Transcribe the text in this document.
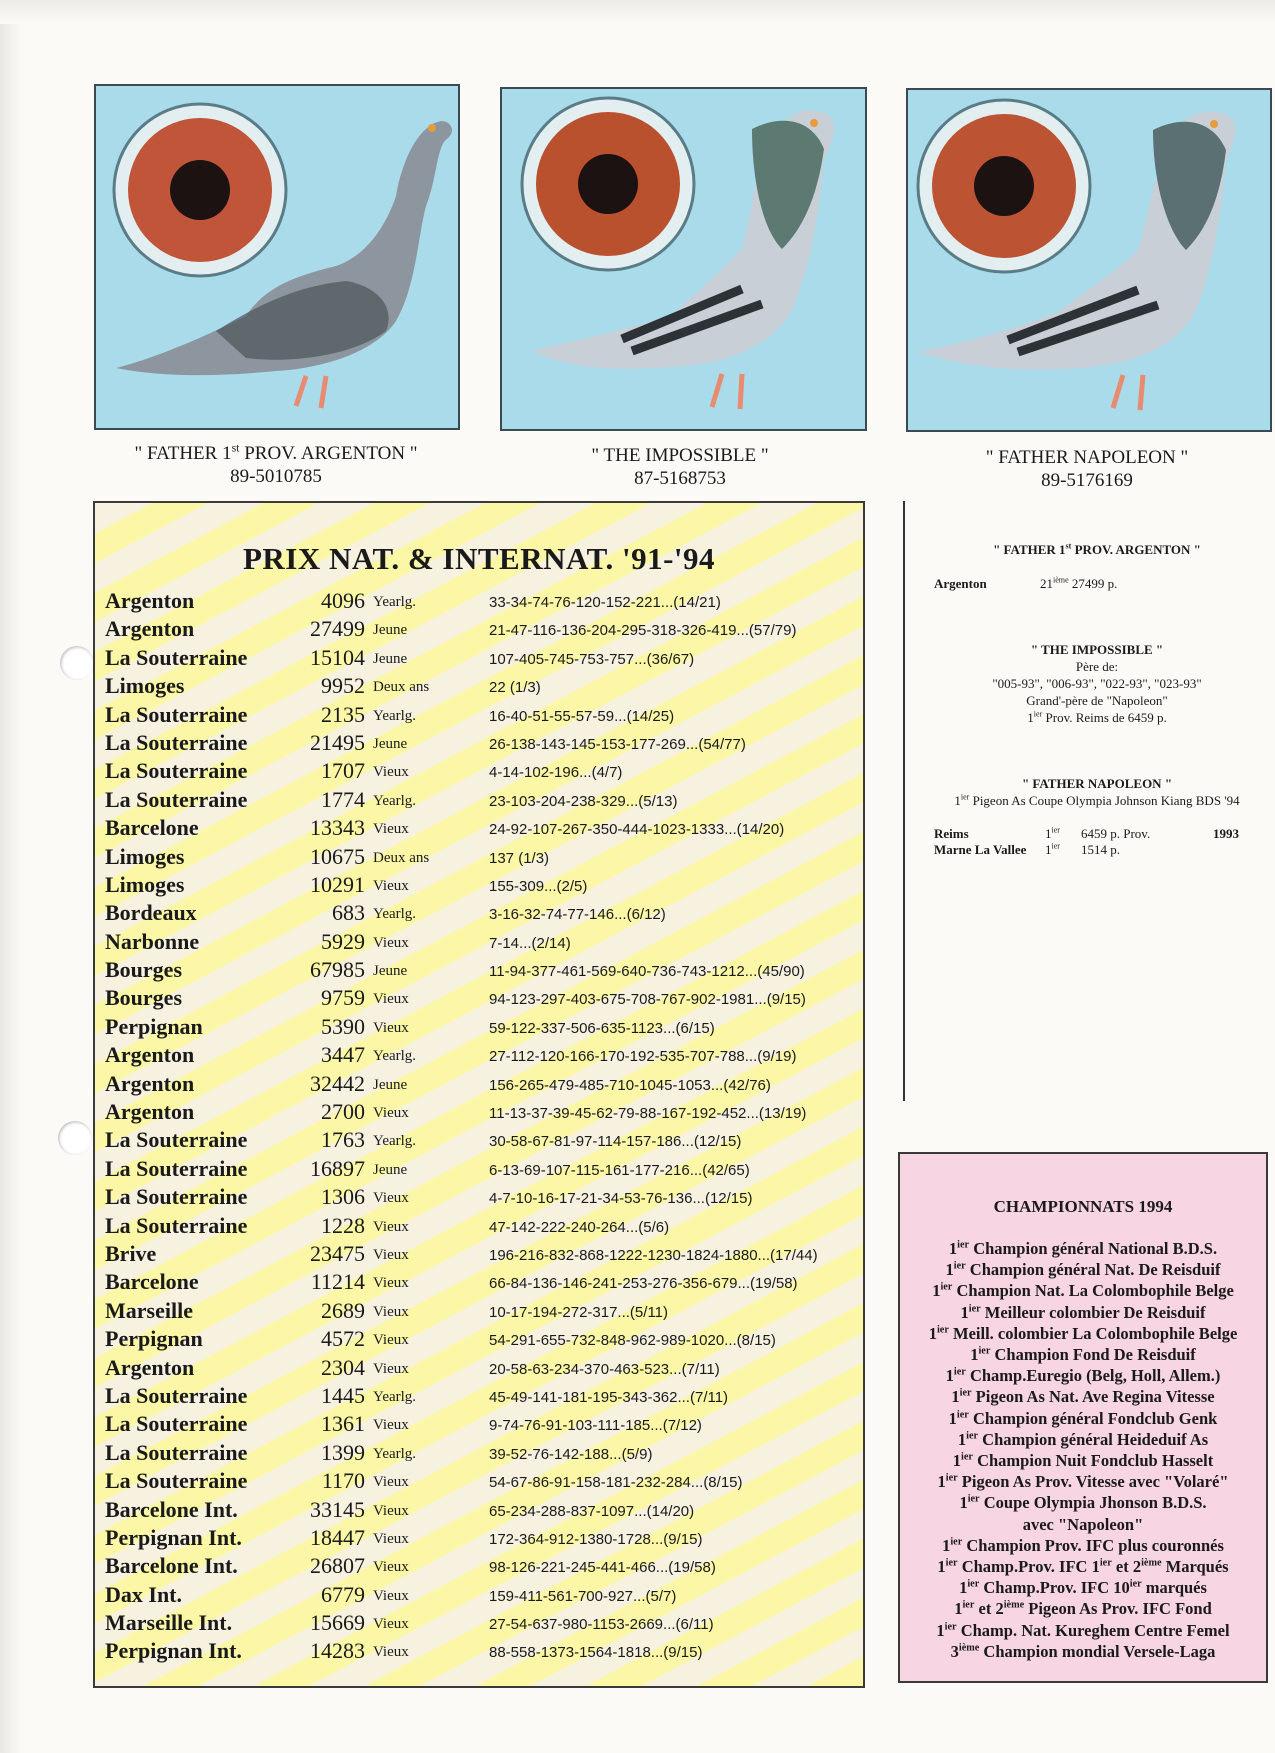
" FATHER 1st PROV. ARGENTON "
89-5010785
" THE IMPOSSIBLE "
87-5168753
" FATHER NAPOLEON "
89-5176169
PRIX NAT. & INTERNAT. '91-'94
Argenton	4096 Yearlg.	33-34-74-76-120-152-221...(14/21)
Argenton	27499 Jeune	21-47-116-136-204-295-318-326-419...(57/79)
La Souterraine	15104 Jeune	107-405-745-753-757...(36/67)
Limoges	9952 Deux ans	22 (1/3)
La Souterraine	2135 Yearlg.	16-40-51-55-57-59...(14/25)
La Souterraine	21495 Jeune	26-138-143-145-153-177-269...(54/77)
La Souterraine	1707 Vieux	4-14-102-196...(4/7)
La Souterraine	1774 Yearlg.	23-103-204-238-329...(5/13)
Barcelone	13343 Vieux	24-92-107-267-350-444-1023-1333...(14/20)
Limoges	10675 Deux ans	137 (1/3)
Limoges	10291 Vieux	155-309...(2/5)
Bordeaux	683 Yearlg.	3-16-32-74-77-146...(6/12)
Narbonne	5929 Vieux	7-14...(2/14)
Bourges	67985 Jeune	11-94-377-461-569-640-736-743-1212...(45/90)
Bourges	9759 Vieux	94-123-297-403-675-708-767-902-1981...(9/15)
Perpignan	5390 Vieux	59-122-337-506-635-1123...(6/15)
Argenton	3447 Yearlg.	27-112-120-166-170-192-535-707-788...(9/19)
Argenton	32442 Jeune	156-265-479-485-710-1045-1053...(42/76)
Argenton	2700 Vieux	11-13-37-39-45-62-79-88-167-192-452...(13/19)
La Souterraine	1763 Yearlg.	30-58-67-81-97-114-157-186...(12/15)
La Souterraine	16897 Jeune	6-13-69-107-115-161-177-216...(42/65)
La Souterraine	1306 Vieux	4-7-10-16-17-21-34-53-76-136...(12/15)
La Souterraine	1228 Vieux	47-142-222-240-264...(5/6)
Brive	23475 Vieux	196-216-832-868-1222-1230-1824-1880...(17/44)
Barcelone	11214 Vieux	66-84-136-146-241-253-276-356-679...(19/58)
Marseille	2689 Vieux	10-17-194-272-317...(5/11)
Perpignan	4572 Vieux	54-291-655-732-848-962-989-1020...(8/15)
Argenton	2304 Vieux	20-58-63-234-370-463-523...(7/11)
La Souterraine	1445 Yearlg.	45-49-141-181-195-343-362...(7/11)
La Souterraine	1361 Vieux	9-74-76-91-103-111-185...(7/12)
La Souterraine	1399 Yearlg.	39-52-76-142-188...(5/9)
La Souterraine	1170 Vieux	54-67-86-91-158-181-232-284...(8/15)
Barcelone Int.	33145 Vieux	65-234-288-837-1097...(14/20)
Perpignan Int.	18447 Vieux	172-364-912-1380-1728...(9/15)
Barcelone Int.	26807 Vieux	98-126-221-245-441-466...(19/58)
Dax Int.	6779 Vieux	159-411-561-700-927...(5/7)
Marseille Int.	15669 Vieux	27-54-637-980-1153-2669...(6/11)
Perpignan Int.	14283 Vieux	88-558-1373-1564-1818...(9/15)
" FATHER 1st PROV. ARGENTON "
Argenton	21ième 27499 p.
" THE IMPOSSIBLE "
Père de:
"005-93", "006-93", "022-93", "023-93"
Grand'-père de "Napoleon"
$1^{ier}$ Prov. Reims de 6459 p.
" FATHER NAPOLEON "
$1^{ier}$ Pigeon As Coupe Olympia Johnson Kiang BDS '94
Reims	$1^{ier}$ 6459 p. Prov.	1993
Marne La Vallee $1^{ier}$ 1514 p.
CHAMPIONNATS 1994
$1^{ier}$ Champion général National B.D.S.
$1^{ier}$ Champion général Nat. De Reisduif
$1^{ier}$ Champion Nat. La Colombophile Belge
$1^{ier}$ Meilleur colombier De Reisduif
$1^{ier}$ Meill. colombier La Colombophile Belge
$1^{ier}$ Champion Fond De Reisduif
$1^{ier}$ Champ.Euregio (Belg, Holl, Allem.)
$1^{ier}$ Pigeon As Nat. Ave Regina Vitesse
$1^{ier}$ Champion général Fondclub Genk
$1^{ier}$ Champion général Heideduif As
$1^{ier}$ Champion Nuit Fondclub Hasselt
$1^{ier}$ Pigeon As Prov. Vitesse avec "Volaré"
$1^{ier}$ Coupe Olympia Jhonson B.D.S.
avec "Napoleon"
$1^{ier}$ Champion Prov. IFC plus couronnés
$1^{ier}$ Champ.Prov. IFC $1^{ier}$ et 2ième Marqués
$1^{ier}$ Champ.Prov. IFC $10^{ier}$ marqués
$1^{ier}$ et 2ième Pigeon As Prov. IFC Fond
$1^{ier}$ Champ. Nat. Kureghem Centre Femel
3ième Champion mondial Versele-Laga
